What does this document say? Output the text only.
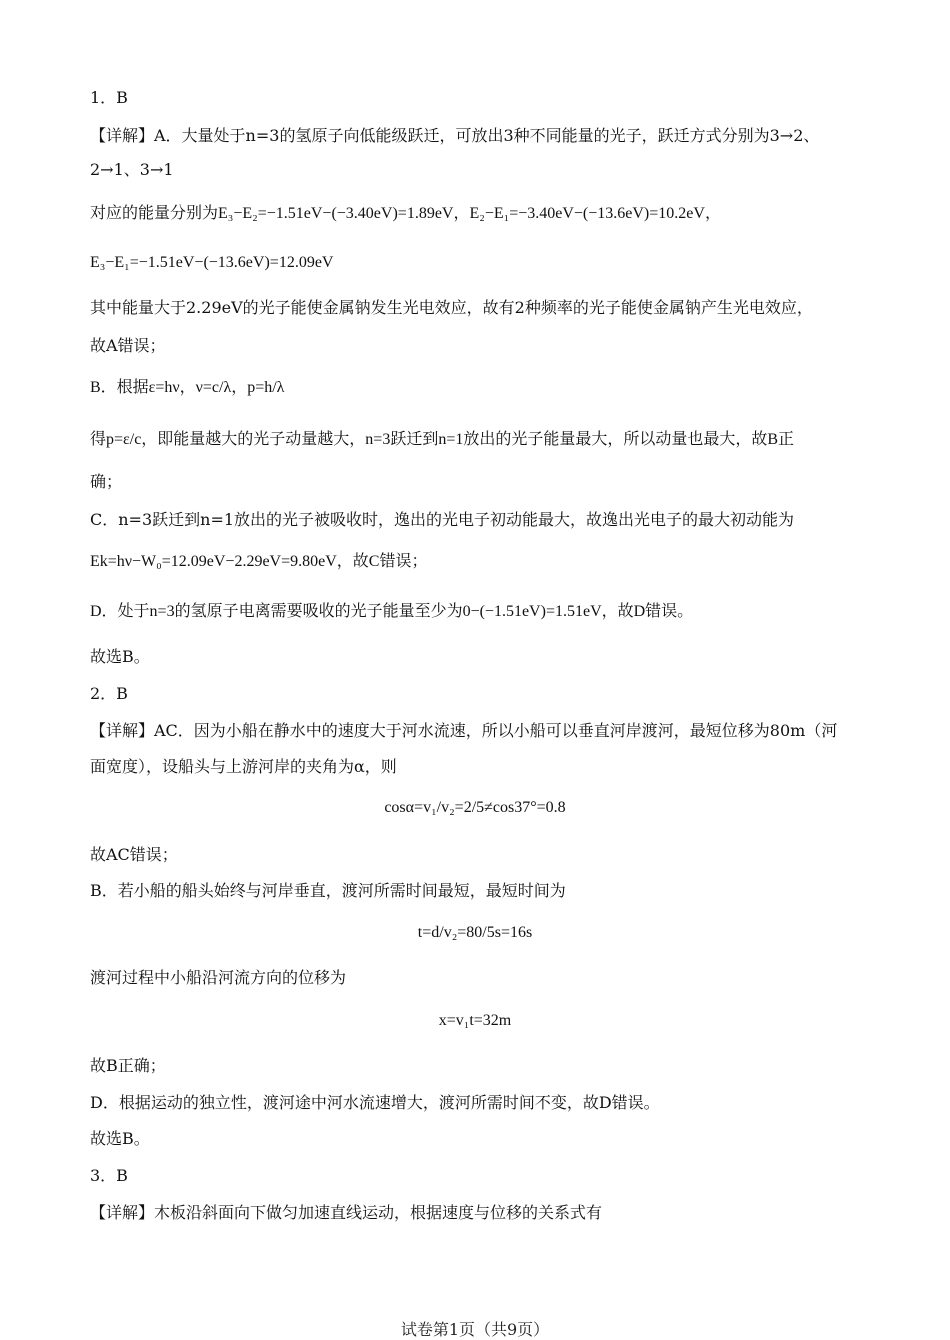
1．B
【详解】A．大量处于n=3的氢原子向低能级跃迁，可放出3种不同能量的光子，跃迁方式分别为3→2、
2→1、3→1
对应的能量分别为E₃−E₂=−1.51eV−(−3.40eV)=1.89eV，E₂−E₁=−3.40eV−(−13.6eV)=10.2eV，
E₃−E₁=−1.51eV−(−13.6eV)=12.09eV
其中能量大于2.29eV的光子能使金属钠发生光电效应，故有2种频率的光子能使金属钠产生光电效应，
故A错误；
B．根据ε=hν，ν=c/λ，p=h/λ
得p=ε/c，即能量越大的光子动量越大，n=3跃迁到n=1放出的光子能量最大，所以动量也最大，故B正
确；
C．n=3跃迁到n=1放出的光子被吸收时，逸出的光电子初动能最大，故逸出光电子的最大初动能为
Ek=hν−W₀=12.09eV−2.29eV=9.80eV，故C错误；
D．处于n=3的氢原子电离需要吸收的光子能量至少为0−(−1.51eV)=1.51eV，故D错误。
故选B。
2．B
【详解】AC．因为小船在静水中的速度大于河水流速，所以小船可以垂直河岸渡河，最短位移为80m（河
面宽度），设船头与上游河岸的夹角为α，则
cosα=v₁/v₂=2/5≠cos37°=0.8
故AC错误；
B．若小船的船头始终与河岸垂直，渡河所需时间最短，最短时间为
t=d/v₂=80/5s=16s
渡河过程中小船沿河流方向的位移为
x=v₁t=32m
故B正确；
D．根据运动的独立性，渡河途中河水流速增大，渡河所需时间不变，故D错误。
故选B。
3．B
【详解】木板沿斜面向下做匀加速直线运动，根据速度与位移的关系式有
试卷第1页（共9页）
